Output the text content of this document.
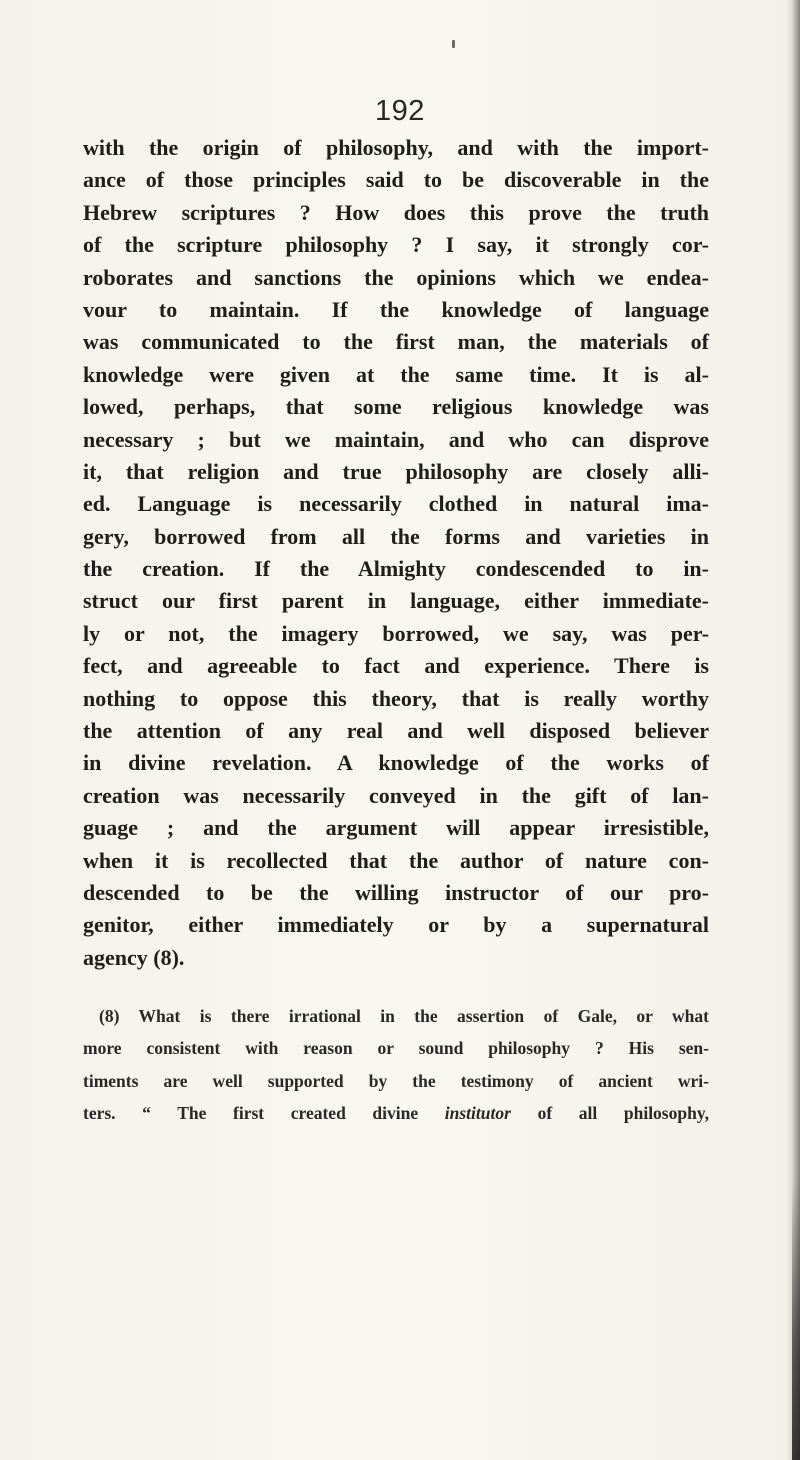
192
with the origin of philosophy, and with the import-
ance of those principles said to be discoverable in the
Hebrew scriptures ? How does this prove the truth
of the scripture philosophy ? I say, it strongly cor-
roborates and sanctions the opinions which we endea-
vour to maintain. If the knowledge of language
was communicated to the first man, the materials of
knowledge were given at the same time. It is al-
lowed, perhaps, that some religious knowledge was
necessary ; but we maintain, and who can disprove
it, that religion and true philosophy are closely alli-
ed. Language is necessarily clothed in natural ima-
gery, borrowed from all the forms and varieties in
the creation. If the Almighty condescended to in-
struct our first parent in language, either immediate-
ly or not, the imagery borrowed, we say, was per-
fect, and agreeable to fact and experience. There is
nothing to oppose this theory, that is really worthy
the attention of any real and well disposed believer
in divine revelation. A knowledge of the works of
creation was necessarily conveyed in the gift of lan-
guage ; and the argument will appear irresistible,
when it is recollected that the author of nature con-
descended to be the willing instructor of our pro-
genitor, either immediately or by a supernatural
agency (8).
(8) What is there irrational in the assertion of Gale, or what
more consistent with reason or sound philosophy ? His sen-
timents are well supported by the testimony of ancient wri-
ters. “ The first created divine institutor of all philosophy,
